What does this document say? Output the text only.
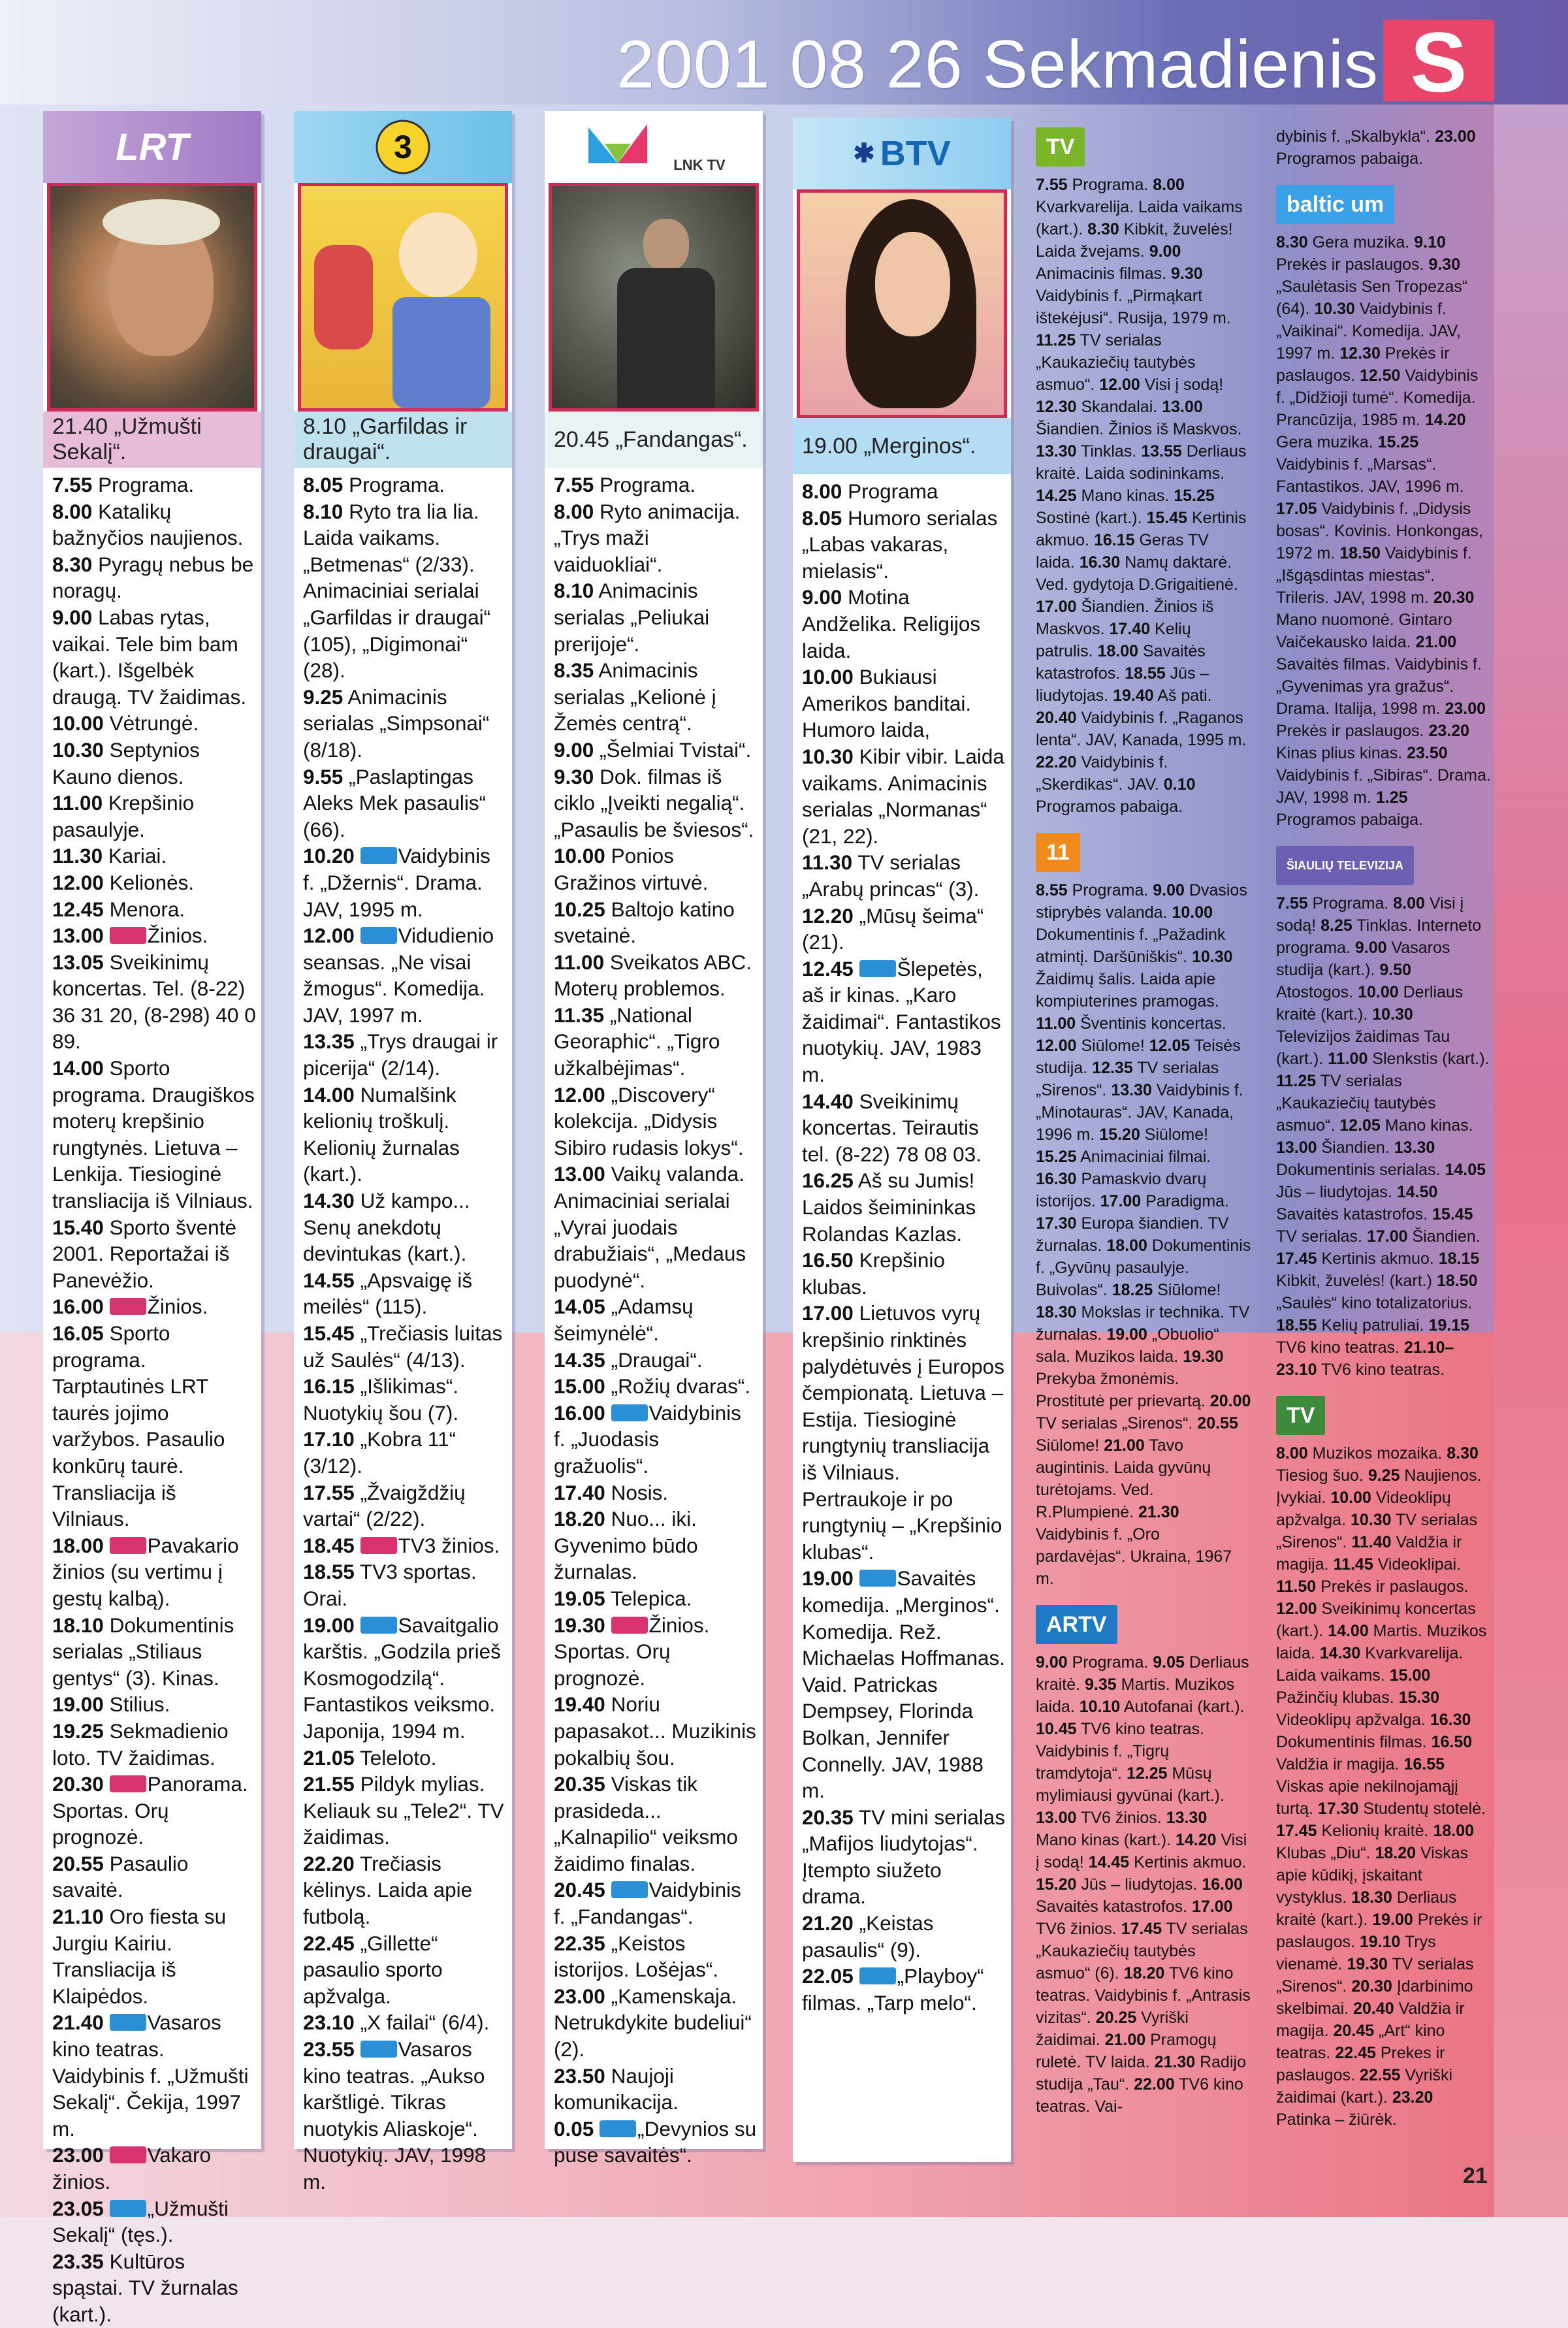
2001 08 26 Sekmadienis S
LRT
21.40 „Užmušti Sekalį“.

7.55 Programa.

8.00 Katalikų bažnyčios naujienos.

8.30 Pyragų nebus be noragų.

9.00 Labas rytas, vaikai. Tele bim bam (kart.). Išgelbėk draugą. TV žaidimas.

10.00 Vėtrungė.

10.30 Septynios Kauno dienos.

11.00 Krepšinio pasaulyje.

11.30 Kariai.

12.00 Kelionės.

12.45 Menora.

13.00 Žinios.

13.05 Sveikinimų koncertas. Tel. (8-22) 36 31 20, (8-298) 40 0 89.

14.00 Sporto programa. Draugiškos moterų krepšinio rungtynės. Lietuva – Lenkija. Tiesioginė transliacija iš Vilniaus.

15.40 Sporto šventė 2001. Reportažai iš Panevėžio.

16.00 Žinios.

16.05 Sporto programa. Tarptautinės LRT taurės jojimo varžybos. Pasaulio konkūrų taurė. Transliacija iš Vilniaus.

18.00 Pavakario žinios (su vertimu į gestų kalbą).

18.10 Dokumentinis serialas „Stiliaus gentys“ (3). Kinas.

19.00 Stilius.

19.25 Sekmadienio loto. TV žaidimas.

20.30 Panorama. Sportas. Orų prognozė.

20.55 Pasaulio savaitė.

21.10 Oro fiesta su Jurgiu Kairiu. Transliacija iš Klaipėdos.

21.40 Vasaros kino teatras. Vaidybinis f. „Užmušti Sekalį“. Čekija, 1997 m.

23.00 Vakaro žinios.

23.05 „Užmušti Sekalį“ (tęs.).

23.35 Kultūros spąstai. TV žurnalas (kart.).

3
8.10 „Garfildas ir draugai“.

8.05 Programa.

8.10 Ryto tra lia lia. Laida vaikams. „Betmenas“ (2/33). Animaciniai serialai „Garfildas ir draugai“ (105), „Digimonai“ (28).

9.25 Animacinis serialas „Simpsonai“ (8/18).

9.55 „Paslaptingas Aleks Mek pasaulis“ (66).

10.20 Vaidybinis f. „Džernis“. Drama. JAV, 1995 m.

12.00 Vidudienio seansas. „Ne visai žmogus“. Komedija. JAV, 1997 m.

13.35 „Trys draugai ir picerija“ (2/14).

14.00 Numalšink kelionių troškulį. Kelionių žurnalas (kart.).

14.30 Už kampo... Senų anekdotų devintukas (kart.).

14.55 „Apsvaigę iš meilės“ (115).

15.45 „Trečiasis luitas už Saulės“ (4/13).

16.15 „Išlikimas“. Nuotykių šou (7).

17.10 „Kobra 11“ (3/12).

17.55 „Žvaigždžių vartai“ (2/22).

18.45 TV3 žinios.

18.55 TV3 sportas. Orai.

19.00 Savaitgalio karštis. „Godzila prieš Kosmogodzilą“. Fantastikos veiksmo. Japonija, 1994 m.

21.05 Teleloto.

21.55 Pildyk mylias. Keliauk su „Tele2“. TV žaidimas.

22.20 Trečiasis kėlinys. Laida apie futbolą.

22.45 „Gillette“ pasaulio sporto apžvalga.

23.10 „X failai“ (6/4).

23.55 Vasaros kino teatras. „Aukso karštligė. Tikras nuotykis Aliaskoje“. Nuotykių. JAV, 1998 m.

LNK TV
20.45 „Fandangas“.

7.55 Programa.

8.00 Ryto animacija. „Trys maži vaiduokliai“.

8.10 Animacinis serialas „Peliukai prerijoje“.

8.35 Animacinis serialas „Kelionė į Žemės centrą“.

9.00 „Šelmiai Tvistai“.

9.30 Dok. filmas iš ciklo „Įveikti negalią“. „Pasaulis be šviesos“.

10.00 Ponios Gražinos virtuvė.

10.25 Baltojo katino svetainė.

11.00 Sveikatos ABC. Moterų problemos.

11.35 „National Georaphic“. „Tigro užkalbėjimas“.

12.00 „Discovery“ kolekcija. „Didysis Sibiro rudasis lokys“.

13.00 Vaikų valanda. Animaciniai serialai „Vyrai juodais drabužiais“, „Medaus puodynė“.

14.05 „Adamsų šeimynėlė“.

14.35 „Draugai“.

15.00 „Rožių dvaras“.

16.00 Vaidybinis f. „Juodasis gražuolis“.

17.40 Nosis.

18.20 Nuo... iki. Gyvenimo būdo žurnalas.

19.05 Telepica.

19.30 Žinios. Sportas. Orų prognozė.

19.40 Noriu papasakot... Muzikinis pokalbių šou.

20.35 Viskas tik prasideda... „Kalnapilio“ veiksmo žaidimo finalas.

20.45 Vaidybinis f. „Fandangas“.

22.35 „Keistos istorijos. Lošėjas“.

23.00 „Kamenskaja. Netrukdykite budeliui“ (2).

23.50 Naujoji komunikacija.

0.05 „Devynios su puse savaitės“.

✱ BTV
19.00 „Merginos“.

8.00 Programa

8.05 Humoro serialas „Labas vakaras, mielasis“.

9.00 Motina Andželika. Religijos laida.

10.00 Bukiausi Amerikos banditai. Humoro laida,

10.30 Kibir vibir. Laida vaikams. Animacinis serialas „Normanas“ (21, 22).

11.30 TV serialas „Arabų princas“ (3).

12.20 „Mūsų šeima“ (21).

12.45 Šlepetės, aš ir kinas. „Karo žaidimai“. Fantastikos nuotykių. JAV, 1983 m.

14.40 Sveikinimų koncertas. Teirautis tel. (8-22) 78 08 03.

16.25 Aš su Jumis! Laidos šeimininkas Rolandas Kazlas.

16.50 Krepšinio klubas.

17.00 Lietuvos vyrų krepšinio rinktinės palydėtuvės į Europos čempionatą. Lietuva – Estija. Tiesioginė rungtynių transliacija iš Vilniaus. Pertraukoje ir po rungtynių – „Krepšinio klubas“.

19.00 Savaitės komedija. „Merginos“. Komedija. Rež. Michaelas Hoffmanas. Vaid. Patrickas Dempsey, Florinda Bolkan, Jennifer Connelly. JAV, 1988 m.

20.35 TV mini serialas „Mafijos liudytojas“. Įtempto siužeto drama.

21.20 „Keistas pasaulis“ (9).

22.05 „Playboy“ filmas. „Tarp melo“.

TV
7.55 Programa. 8.00 Kvarkvarelija. Laida vaikams (kart.). 8.30 Kibkit, žuvelės! Laida žvejams. 9.00 Animacinis filmas. 9.30 Vaidybinis f. „Pirmąkart ištekėjusi“. Rusija, 1979 m. 11.25 TV serialas „Kaukaziečių tautybės asmuo“. 12.00 Visi į sodą! 12.30 Skandalai. 13.00 Šiandien. Žinios iš Maskvos. 13.30 Tinklas. 13.55 Derliaus kraitė. Laida sodininkams. 14.25 Mano kinas. 15.25 Sostinė (kart.). 15.45 Kertinis akmuo. 16.15 Geras TV laida. 16.30 Namų daktarė. Ved. gydytoja D.Grigaitienė. 17.00 Šiandien. Žinios iš Maskvos. 17.40 Kelių patrulis. 18.00 Savaitės katastrofos. 18.55 Jūs – liudytojas. 19.40 Aš pati. 20.40 Vaidybinis f. „Raganos lenta“. JAV, Kanada, 1995 m. 22.20 Vaidybinis f. „Skerdikas“. JAV. 0.10 Programos pabaiga.
11
8.55 Programa. 9.00 Dvasios stiprybės valanda. 10.00 Dokumentinis f. „Pažadink atmintį. Daršūniškis“. 10.30 Žaidimų šalis. Laida apie kompiuterines pramogas. 11.00 Šventinis koncertas. 12.00 Siūlome! 12.05 Teisės studija. 12.35 TV serialas „Sirenos“. 13.30 Vaidybinis f. „Minotauras“. JAV, Kanada, 1996 m. 15.20 Siūlome! 15.25 Animaciniai filmai. 16.30 Pamaskvio dvarų istorijos. 17.00 Paradigma. 17.30 Europa šiandien. TV žurnalas. 18.00 Dokumentinis f. „Gyvūnų pasaulyje. Buivolas“. 18.25 Siūlome! 18.30 Mokslas ir technika. TV žurnalas. 19.00 „Obuolio“ sala. Muzikos laida. 19.30 Prekyba žmonėmis. Prostitutė per prievartą. 20.00 TV serialas „Sirenos“. 20.55 Siūlome! 21.00 Tavo augintinis. Laida gyvūnų turėtojams. Ved. R.Plumpienė. 21.30 Vaidybinis f. „Oro pardavėjas“. Ukraina, 1967 m.
ARTV
9.00 Programa. 9.05 Derliaus kraitė. 9.35 Martis. Muzikos laida. 10.10 Autofanai (kart.). 10.45 TV6 kino teatras. Vaidybinis f. „Tigrų tramdytoja“. 12.25 Mūsų mylimiausi gyvūnai (kart.). 13.00 TV6 žinios. 13.30 Mano kinas (kart.). 14.20 Visi į sodą! 14.45 Kertinis akmuo. 15.20 Jūs – liudytojas. 16.00 Savaitės katastrofos. 17.00 TV6 žinios. 17.45 TV serialas „Kaukaziečių tautybės asmuo“ (6). 18.20 TV6 kino teatras. Vaidybinis f. „Antrasis vizitas“. 20.25 Vyriški žaidimai. 21.00 Pramogų ruletė. TV laida. 21.30 Radijo studija „Tau“. 22.00 TV6 kino teatras. Vai-
dybinis f. „Skalbykla“. 23.00 Programos pabaiga.
baltic um
8.30 Gera muzika. 9.10 Prekės ir paslaugos. 9.30 „Saulėtasis Sen Tropezas“ (64). 10.30 Vaidybinis f. „Vaikinai“. Komedija. JAV, 1997 m. 12.30 Prekės ir paslaugos. 12.50 Vaidybinis f. „Didžioji tumė“. Komedija. Prancūzija, 1985 m. 14.20 Gera muzika. 15.25 Vaidybinis f. „Marsas“. Fantastikos. JAV, 1996 m. 17.05 Vaidybinis f. „Didysis bosas“. Kovinis. Honkongas, 1972 m. 18.50 Vaidybinis f. „Išgąsdintas miestas“. Trileris. JAV, 1998 m. 20.30 Mano nuomonė. Gintaro Vaičekausko laida. 21.00 Savaitės filmas. Vaidybinis f. „Gyvenimas yra gražus“. Drama. Italija, 1998 m. 23.00 Prekės ir paslaugos. 23.20 Kinas plius kinas. 23.50 Vaidybinis f. „Sibiras“. Drama. JAV, 1998 m. 1.25 Programos pabaiga.
ŠIAULIŲ TELEVIZIJA
7.55 Programa. 8.00 Visi į sodą! 8.25 Tinklas. Interneto programa. 9.00 Vasaros studija (kart.). 9.50 Atostogos. 10.00 Derliaus kraitė (kart.). 10.30 Televizijos žaidimas Tau (kart.). 11.00 Slenkstis (kart.). 11.25 TV serialas „Kaukaziečių tautybės asmuo“. 12.05 Mano kinas. 13.00 Šiandien. 13.30 Dokumentinis serialas. 14.05 Jūs – liudytojas. 14.50 Savaitės katastrofos. 15.45 TV serialas. 17.00 Šiandien. 17.45 Kertinis akmuo. 18.15 Kibkit, žuvelės! (kart.) 18.50 „Saulės“ kino totalizatorius. 18.55 Kelių patruliai. 19.15 TV6 kino teatras. 21.10–23.10 TV6 kino teatras.
TV
8.00 Muzikos mozaika. 8.30 Tiesiog šuo. 9.25 Naujienos. Įvykiai. 10.00 Videoklipų apžvalga. 10.30 TV serialas „Sirenos“. 11.40 Valdžia ir magija. 11.45 Videoklipai. 11.50 Prekės ir paslaugos. 12.00 Sveikinimų koncertas (kart.). 14.00 Martis. Muzikos laida. 14.30 Kvarkvarelija. Laida vaikams. 15.00 Pažinčių klubas. 15.30 Videoklipų apžvalga. 16.30 Dokumentinis filmas. 16.50 Valdžia ir magija. 16.55 Viskas apie nekilnojamąjį turtą. 17.30 Studentų stotelė. 17.45 Kelionių kraitė. 18.00 Klubas „Diu“. 18.20 Viskas apie kūdikį, įskaitant vystyklus. 18.30 Derliaus kraitė (kart.). 19.00 Prekės ir paslaugos. 19.10 Trys vienamė. 19.30 TV serialas „Sirenos“. 20.30 Įdarbinimo skelbimai. 20.40 Valdžia ir magija. 20.45 „Art“ kino teatras. 22.45 Prekes ir paslaugos. 22.55 Vyriški žaidimai (kart.). 23.20 Patinka – žiūrėk.
21
